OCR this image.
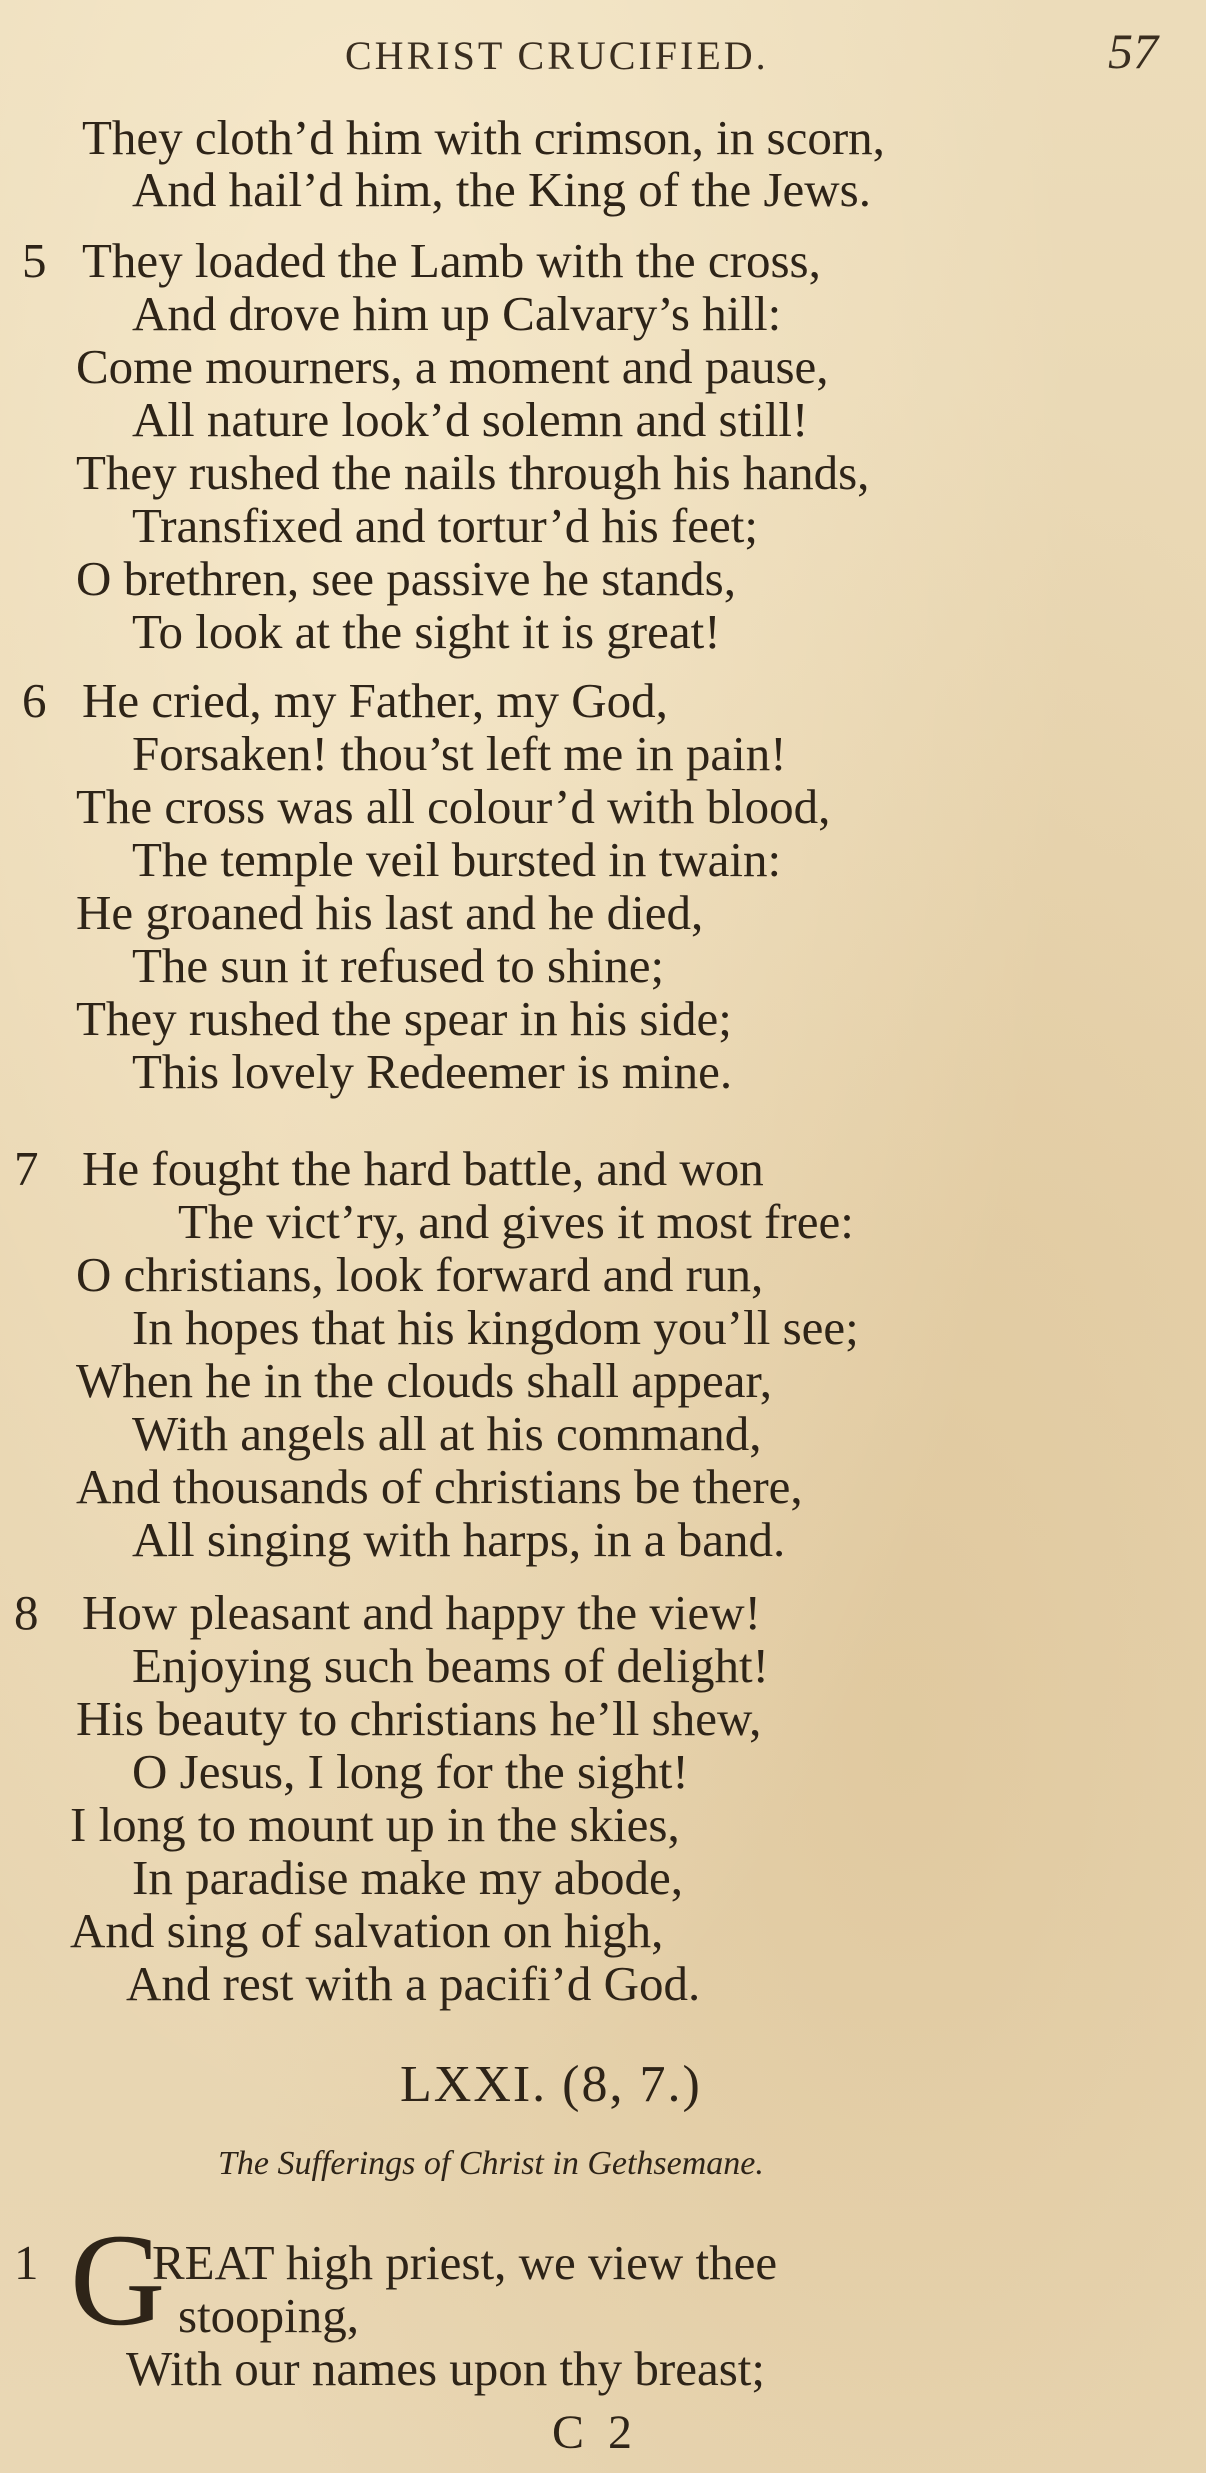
CHRIST CRUCIFIED.	57
They cloth’d him with crimson, in scorn,
And hail’d him, the King of the Jews.
5 They loaded the Lamb with the cross,
And drove him up Calvary’s hill:
Come mourners, a moment and pause,
All nature look’d solemn and still!
They rushed the nails through his hands,
Transfixed and tortur’d his feet;
O brethren, see passive he stands,
To look at the sight it is great!
6 He cried, my Father, my God,
Forsaken! thou’st left me in pain!
The cross was all colour’d with blood,
The temple veil bursted in twain:
He groaned his last and he died,
The sun it refused to shine;
They rushed the spear in his side;
This lovely Redeemer is mine.
7 He fought the hard battle, and won
The vict’ry, and gives it most free:
O christians, look forward and run,
In hopes that his kingdom you’ll see;
When he in the clouds shall appear,
With angels all at his command,
And thousands of christians be there,
All singing with harps, in a band.
8 How pleasant and happy the view!
Enjoying such beams of delight!
His beauty to christians he’ll shew,
O Jesus, I long for the sight!
I long to mount up in the skies,
In paradise make my abode,
And sing of salvation on high,
And rest with a pacifi’d God.
LXXI. (8, 7.)
The Sufferings of Christ in Gethsemane.
1 G
REAT high priest, we view thee
stooping,
With our names upon thy breast;
C 2
